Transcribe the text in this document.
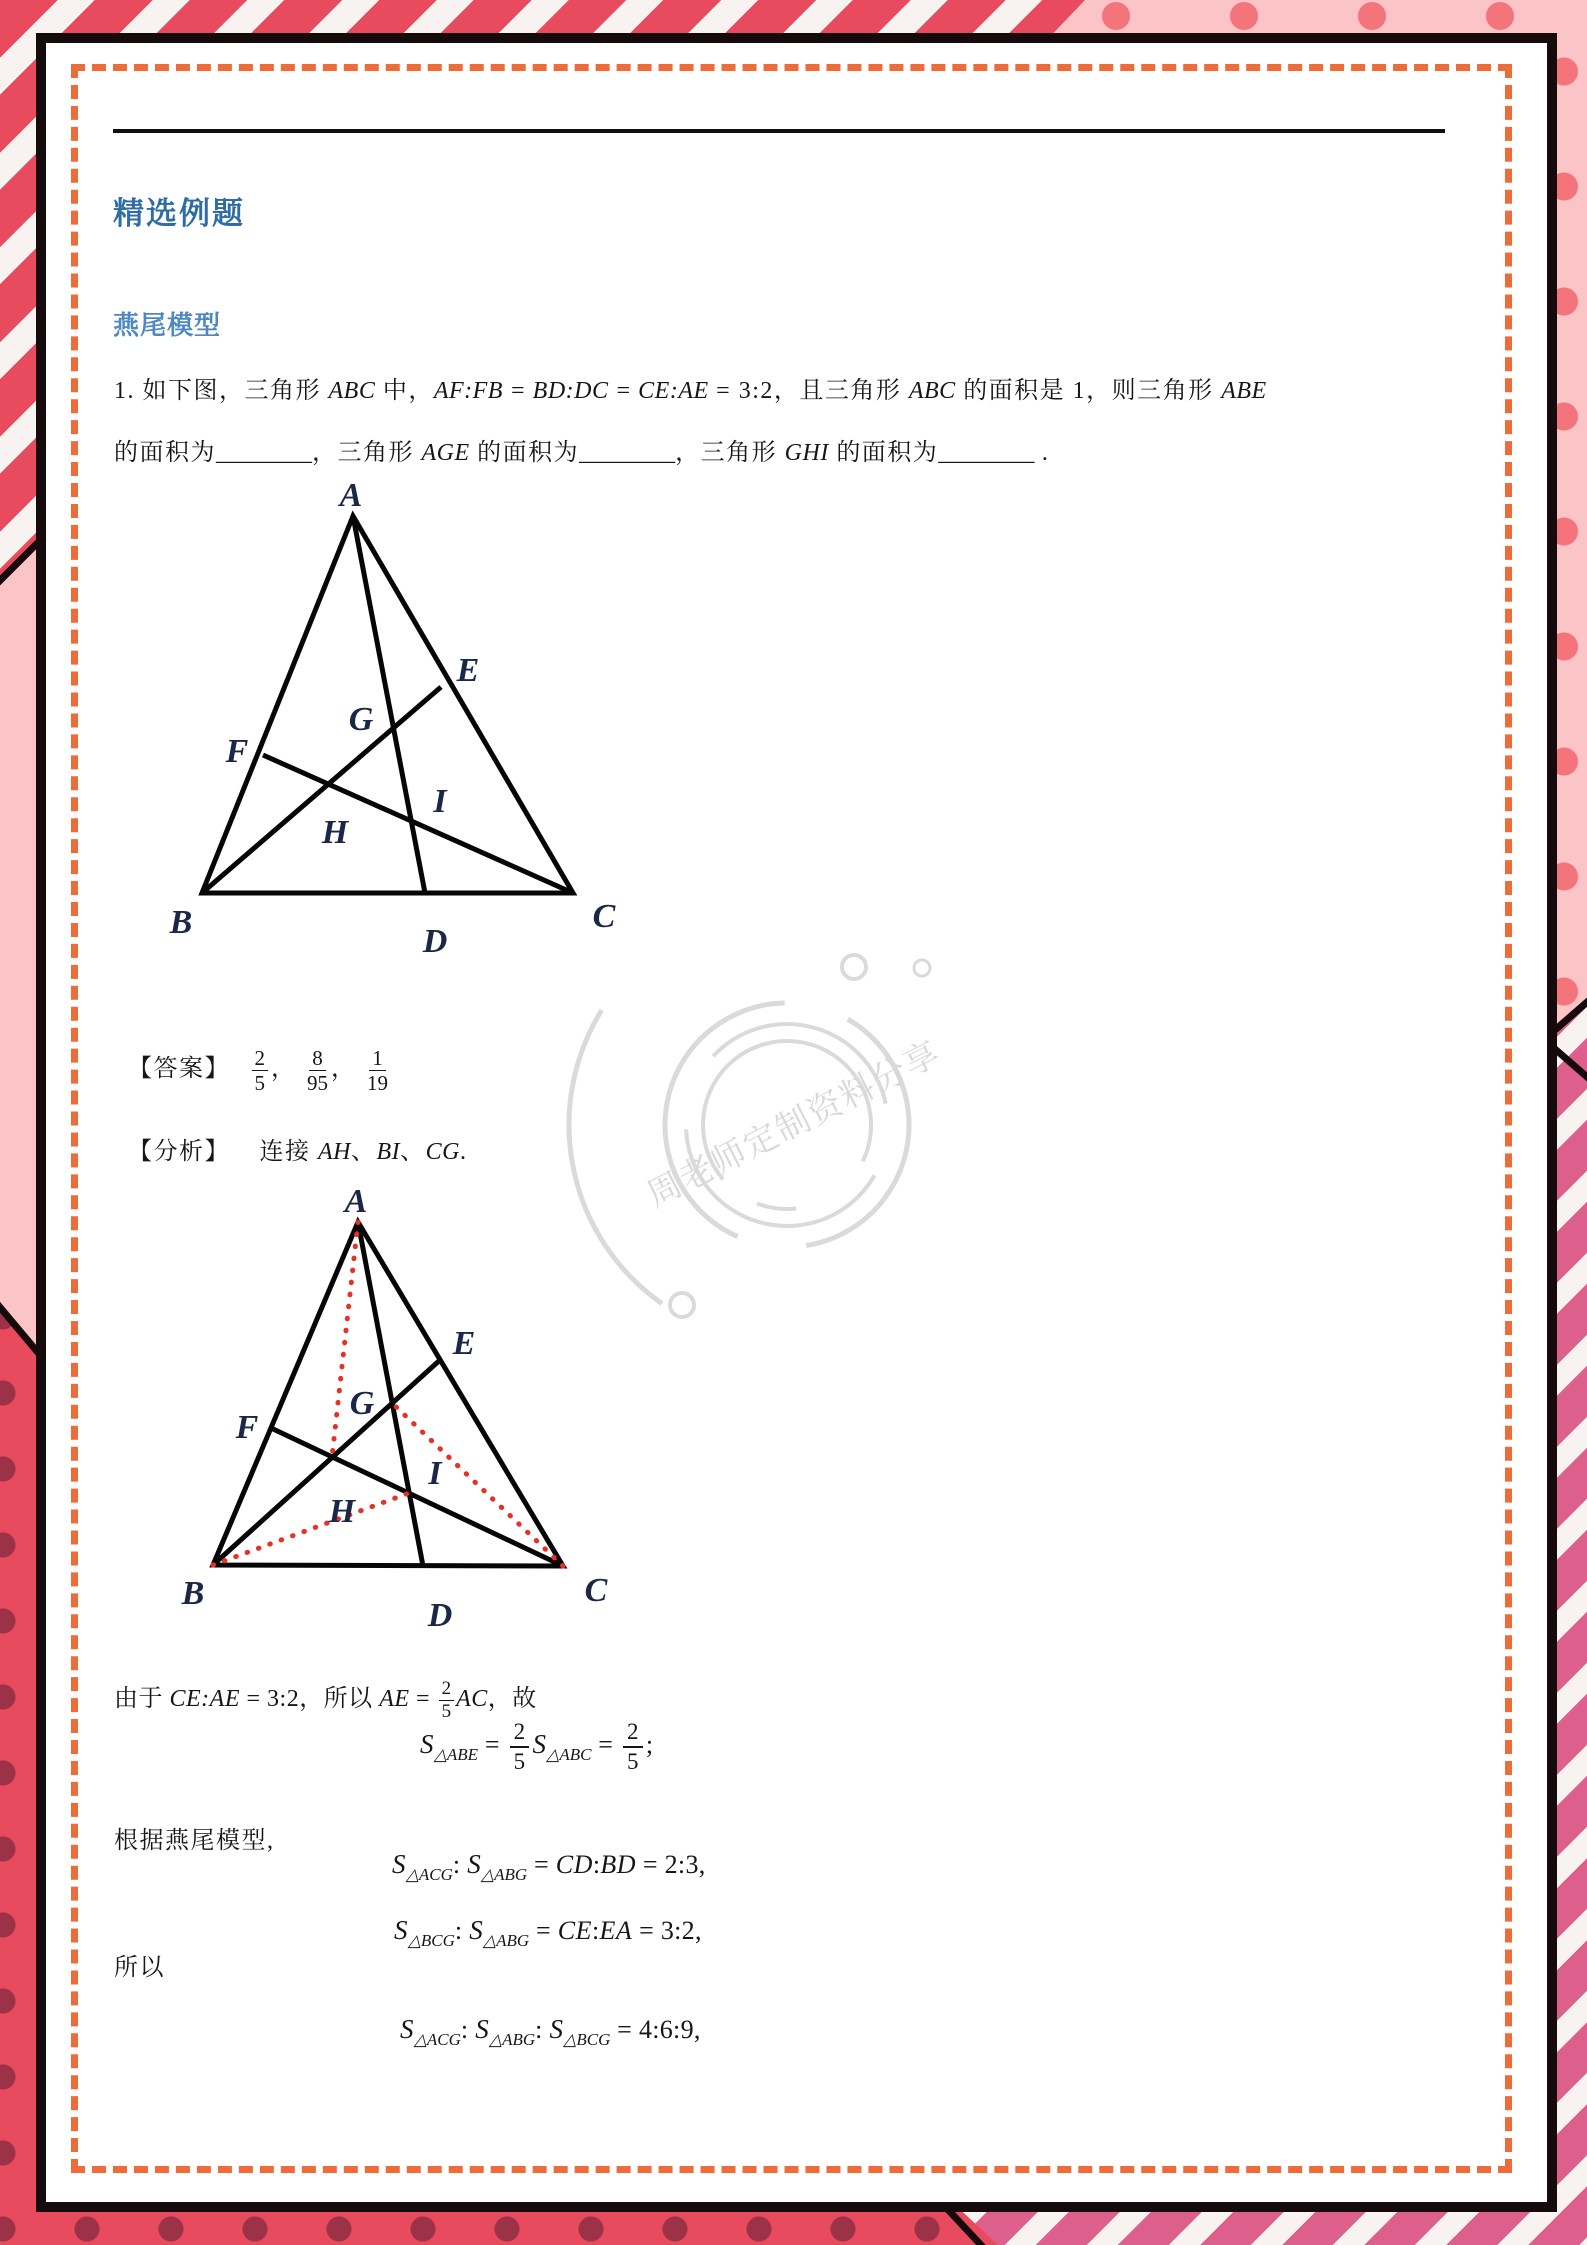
周老师定制资料分享
精选例题
燕尾模型
1. 如下图，三角形 ABC 中，AF:FB = BD:DC = CE:AE = 3:2，且三角形 ABC 的面积是 1，则三角形 ABE
的面积为________，三角形 AGE 的面积为________，三角形 GHI 的面积为________ .
A
B	C
D
E
F
G
H
I
【答案】 $\frac{2}{5}$ ， $\frac{8}{95}$ ， $\frac{1}{19}$
【分析】 连接 AH、BI、CG.
A
B	C
D
E
F
G
H
I
由于 CE:AE = 3:2，所以 AE = $\frac{2}{5}$ AC，故
$S_{\triangle ABE} = \frac{2}{5} S_{\triangle ABC} = \frac{2}{5}$ ;
根据燕尾模型,
$S_{\triangle ACG}$: $S_{\triangle ABG}$ = CD:BD = 2:3,
$S_{\triangle BCG}$: $S_{\triangle ABG}$ = CE:EA = 3:2,
所以
$S_{\triangle ACG}$: $S_{\triangle ABG}$: $S_{\triangle BCG}$ = 4:6:9,
